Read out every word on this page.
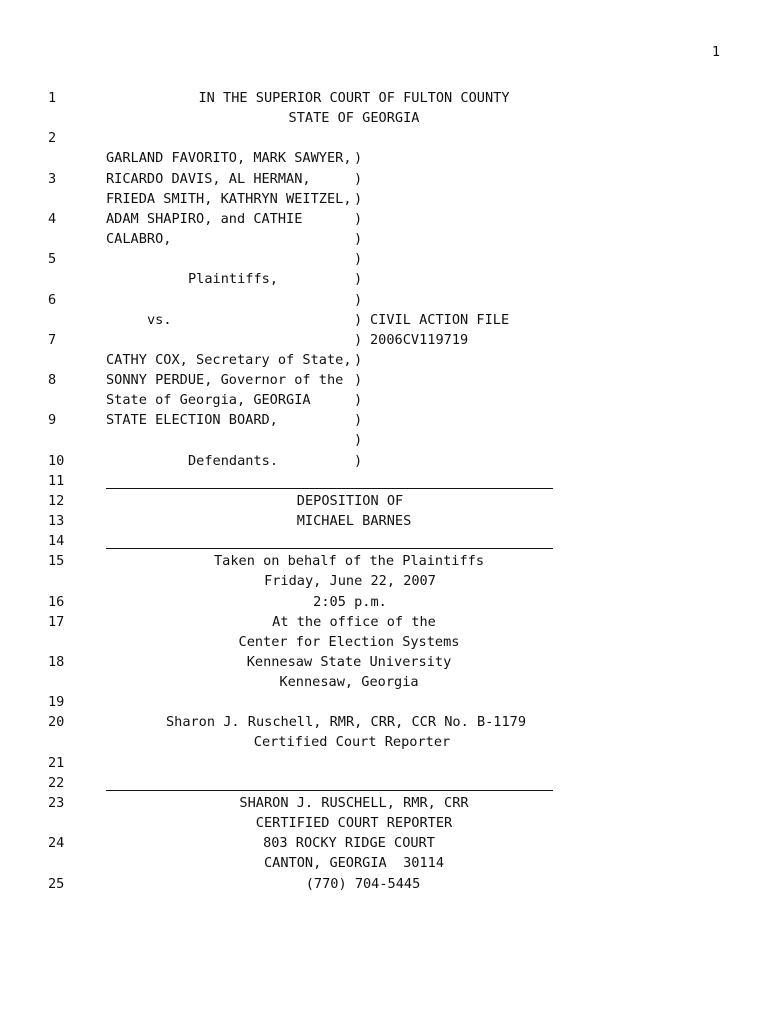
1
1
2
3
4
5
6
7
8
9
10
11
12
13
14
15
16
17
18
19
20
21
22
23
24
25
IN THE SUPERIOR COURT OF FULTON COUNTY
STATE OF GEORGIA
GARLAND FAVORITO, MARK SAWYER,
RICARDO DAVIS, AL HERMAN,
FRIEDA SMITH, KATHRYN WEITZEL,
ADAM SHAPIRO, and CATHIE
CALABRO,
Plaintiffs,
vs.
CATHY COX, Secretary of State,
SONNY PERDUE, Governor of the
State of Georgia, GEORGIA
STATE ELECTION BOARD,
Defendants.
)
)
)
)
)
)
)
)
)
)
)
)
)
)
)
)
CIVIL ACTION FILE
2006CV119719
DEPOSITION OF
MICHAEL BARNES
Taken on behalf of the Plaintiffs
Friday, June 22, 2007
2:05 p.m.
At the office of the
Center for Election Systems
Kennesaw State University
Kennesaw, Georgia
Sharon J. Ruschell, RMR, CRR, CCR No. B-1179
Certified Court Reporter
SHARON J. RUSCHELL, RMR, CRR
CERTIFIED COURT REPORTER
803 ROCKY RIDGE COURT
CANTON, GEORGIA  30114
(770) 704-5445
